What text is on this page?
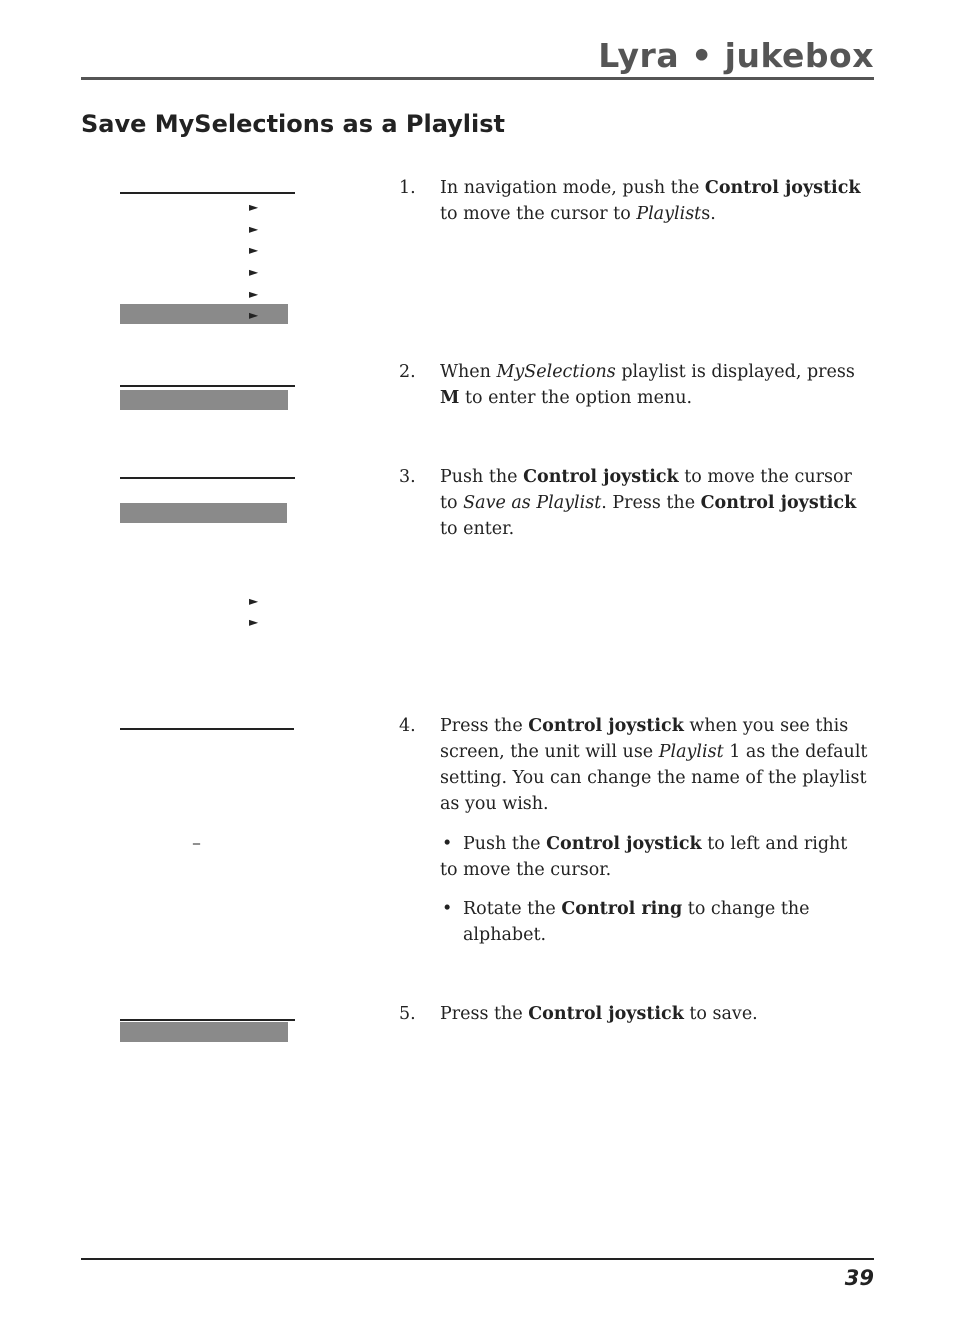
Lyra • jukebox
Save MySelections as a Playlist
►
►
►
►
►
►
►
►
_
1. In navigation mode, push the Control joystick to move the cursor to Playlists.
2. When MySelections playlist is displayed, press M to enter the option menu.
3. Push the Control joystick to move the cursor to Save as Playlist. Press the Control joystick to enter.
4. Press the Control joystick when you see this screen, the unit will use Playlist 1 as the default setting. You can change the name of the playlist as you wish.
• Push the Control joystick to left and right
to move the cursor.
• Rotate the Control ring to change the
alphabet.
5. Press the Control joystick to save.
39
